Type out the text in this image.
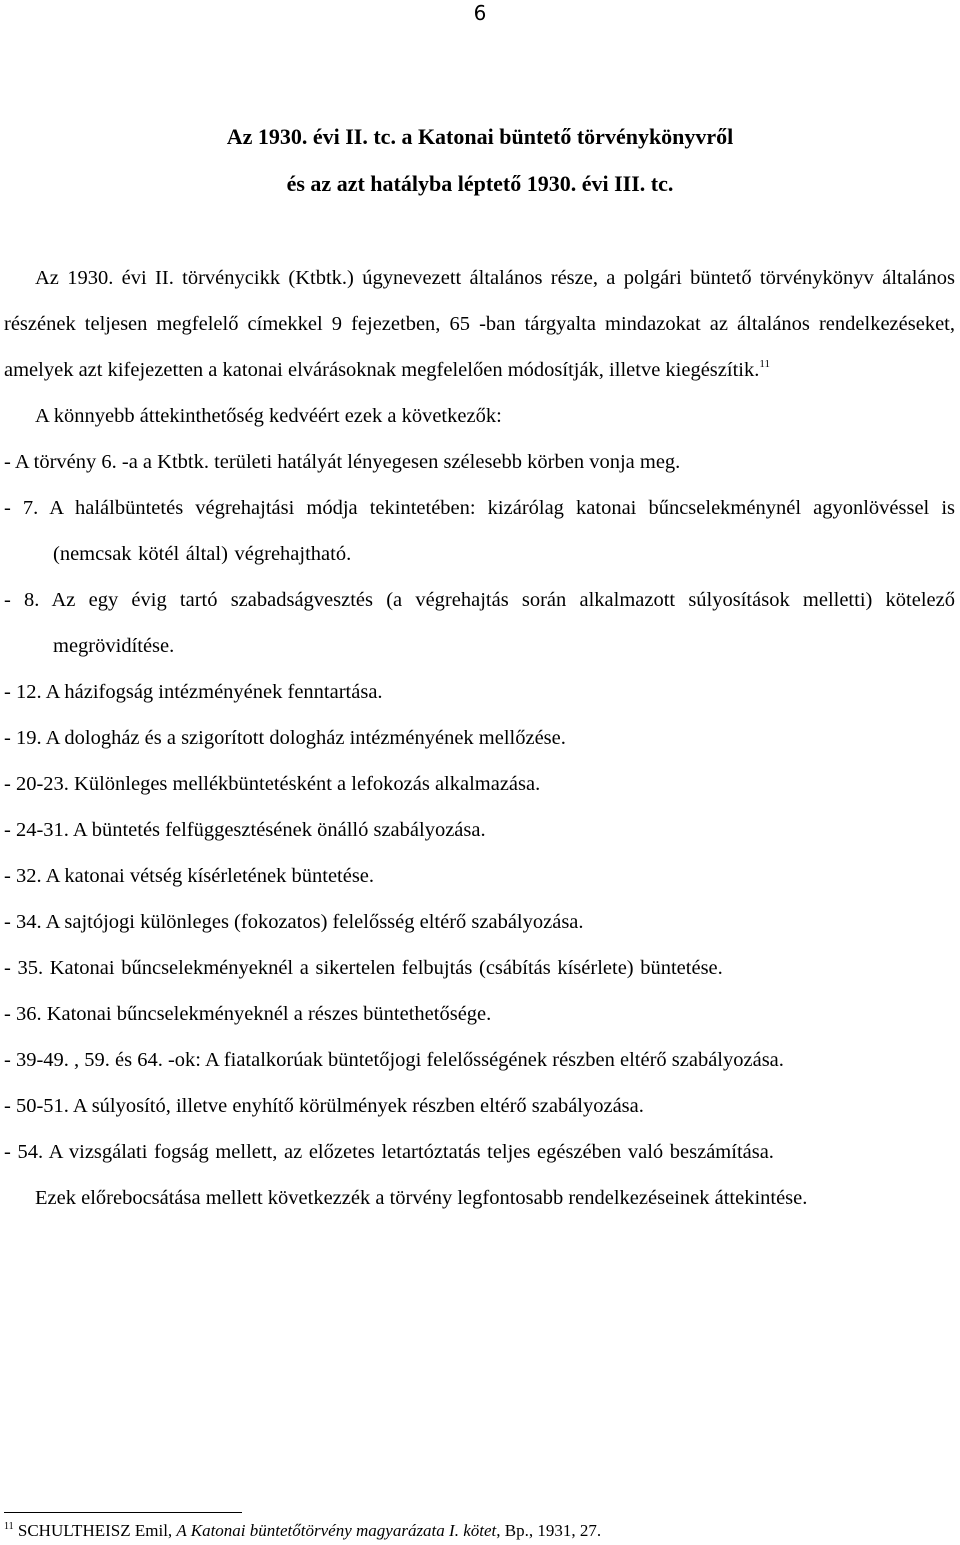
6
Az 1930. évi II. tc. a Katonai büntető törvénykönyvről
és az azt hatályba léptető 1930. évi III. tc.
Az 1930. évi II. törvénycikk (Ktbtk.) úgynevezett általános része, a polgári büntető törvénykönyv általános részének teljesen megfelelő címekkel 9 fejezetben, 65 -ban tárgyalta mindazokat az általános rendelkezéseket, amelyek azt kifejezetten a katonai elvárásoknak megfelelően módosítják, illetve kiegészítik.$^{11}$
A könnyebb áttekinthetőség kedvéért ezek a következők:
- A törvény 6. -a a Ktbtk. területi hatályát lényegesen szélesebb körben vonja meg.
- 7. A halálbüntetés végrehajtási módja tekintetében: kizárólag katonai bűncselekménynél agyonlövéssel is (nemcsak kötél által) végrehajtható.
- 8. Az egy évig tartó szabadságvesztés (a végrehajtás során alkalmazott súlyosítások melletti) kötelező megrövidítése.
- 12. A házifogság intézményének fenntartása.
- 19. A dologház és a szigorított dologház intézményének mellőzése.
- 20-23. Különleges mellékbüntetésként a lefokozás alkalmazása.
- 24-31. A büntetés felfüggesztésének önálló szabályozása.
- 32. A katonai vétség kísérletének büntetése.
- 34. A sajtójogi különleges (fokozatos) felelősség eltérő szabályozása.
- 35. Katonai bűncselekményeknél a sikertelen felbujtás (csábítás kísérlete) büntetése.
- 36. Katonai bűncselekményeknél a részes büntethetősége.
- 39-49. , 59. és 64. -ok: A fiatalkorúak büntetőjogi felelősségének részben eltérő szabályozása.
- 50-51. A súlyosító, illetve enyhítő körülmények részben eltérő szabályozása.
- 54. A vizsgálati fogság mellett, az előzetes letartóztatás teljes egészében való beszámítása.
Ezek előrebocsátása mellett következzék a törvény legfontosabb rendelkezéseinek áttekintése.
$^{11}$ SCHULTHEISZ Emil, A Katonai büntetőtörvény magyarázata I. kötet, Bp., 1931, 27.
